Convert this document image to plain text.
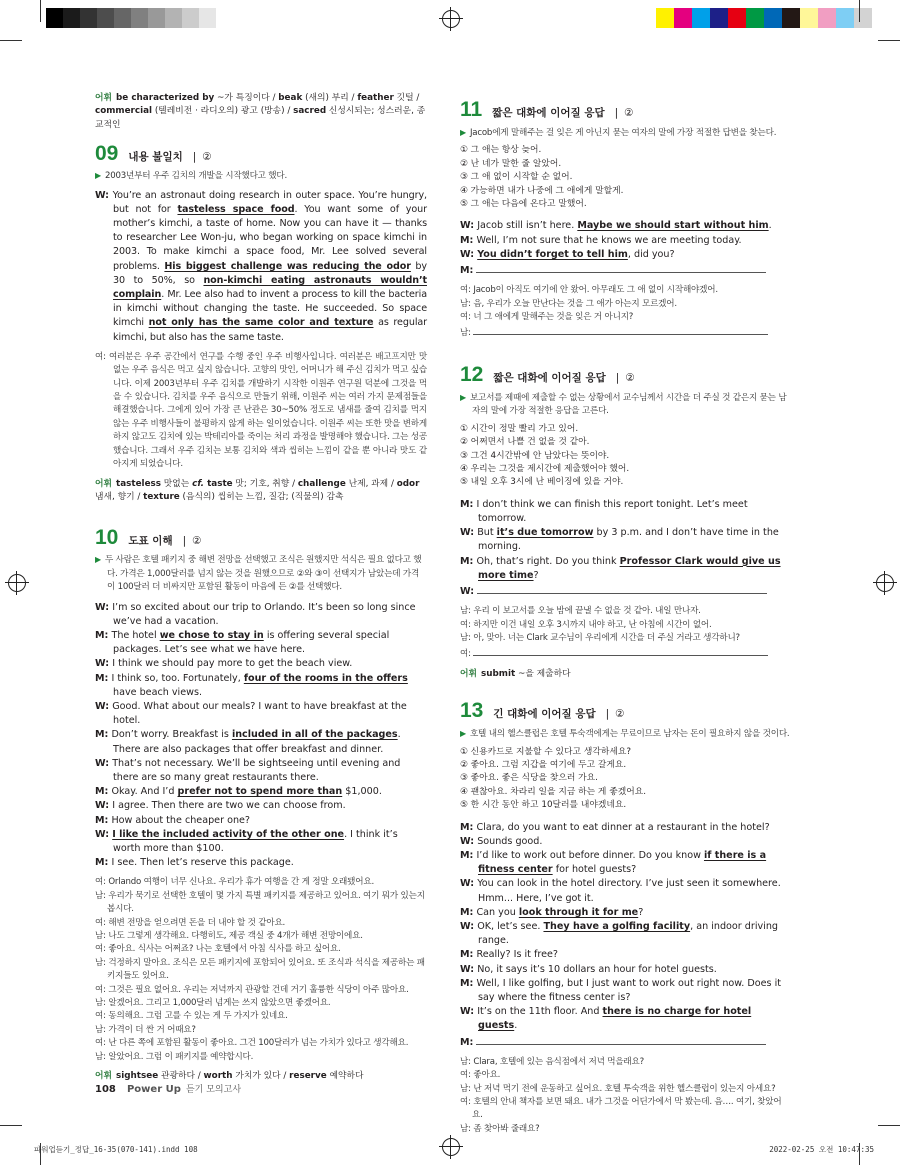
어휘 be characterized by ~가 특징이다 / beak (새의) 부리 / feather 깃털 / commercial (텔레비전 · 라디오의) 광고 (방송) / sacred 신성시되는; 성스러운, 종교적인
09 내용 불일치 | ②
▶ 2003년부터 우주 김치의 개발을 시작했다고 했다.
W: You’re an astronaut doing research in outer space. You’re hungry, but not for tasteless space food. You want some of your mother’s kimchi, a taste of home. Now you can have it — thanks to researcher Lee Won-ju, who began working on space kimchi in 2003. To make kimchi a space food, Mr. Lee solved several problems. His biggest challenge was reducing the odor by 30 to 50%, so non-kimchi eating astronauts wouldn’t complain. Mr. Lee also had to invent a process to kill the bacteria in kimchi without changing the taste. He succeeded. So space kimchi not only has the same color and texture as regular kimchi, but also has the same taste.
여: 여러분은 우주 공간에서 연구를 수행 중인 우주 비행사입니다. 여러분은 배고프지만 맛없는 우주 음식은 먹고 싶지 않습니다. 고향의 맛인, 어머니가 해 주신 김치가 먹고 싶습니다. 이제 2003년부터 우주 김치를 개발하기 시작한 이원주 연구원 덕분에 그것을 먹을 수 있습니다. 김치를 우주 음식으로 만들기 위해, 이원주 씨는 여러 가지 문제점들을 해결했습니다. 그에게 있어 가장 큰 난관은 30~50% 정도로 냄새를 줄여 김치를 먹지 않는 우주 비행사들이 불평하지 않게 하는 일이었습니다. 이원주 씨는 또한 맛을 변하게 하지 않고도 김치에 있는 박테리아를 죽이는 처리 과정을 발명해야 했습니다. 그는 성공했습니다. 그래서 우주 김치는 보통 김치와 색과 씹히는 느낌이 같을 뿐 아니라 맛도 같아지게 되었습니다.
어휘 tasteless 맛없는 cf. taste 맛; 기호, 취향 / challenge 난제, 과제 / odor 냄새, 향기 / texture (음식의) 씹히는 느낌, 질감; (직물의) 감촉
10 도표 이해 | ②
▶ 두 사람은 호텔 패키지 중 해변 전망을 선택했고 조식은 원했지만 석식은 필요 없다고 했다. 가격은 1,000달러를 넘지 않는 것을 원했으므로 ②와 ③이 선택지가 남았는데 가격이 100달러 더 비싸지만 포함된 활동이 마음에 든 ②를 선택했다.
W: I’m so excited about our trip to Orlando. It’s been so long since we’ve had a vacation.
M: The hotel we chose to stay in is offering several special packages. Let’s see what we have here.
W: I think we should pay more to get the beach view.
M: I think so, too. Fortunately, four of the rooms in the offers have beach views.
W: Good. What about our meals? I want to have breakfast at the hotel.
M: Don’t worry. Breakfast is included in all of the packages. There are also packages that offer breakfast and dinner.
W: That’s not necessary. We’ll be sightseeing until evening and there are so many great restaurants there.
M: Okay. And I’d prefer not to spend more than $1,000.
W: I agree. Then there are two we can choose from.
M: How about the cheaper one?
W: I like the included activity of the other one. I think it’s worth more than $100.
M: I see. Then let’s reserve this package.
여: Orlando 여행이 너무 신나요. 우리가 휴가 여행을 간 게 정말 오래됐어요.
남: 우리가 묵기로 선택한 호텔이 몇 가지 특별 패키지를 제공하고 있어요. 여기 뭐가 있는지 봅시다.
여: 해변 전망을 얻으려면 돈을 더 내야 할 것 같아요.
남: 나도 그렇게 생각해요. 다행히도, 제공 객실 중 4개가 해변 전망이에요.
여: 좋아요. 식사는 어쩌죠? 나는 호텔에서 아침 식사를 하고 싶어요.
남: 걱정하지 말아요. 조식은 모든 패키지에 포함되어 있어요. 또 조식과 석식을 제공하는 패키지들도 있어요.
여: 그것은 필요 없어요. 우리는 저녁까지 관광할 건데 거기 훌륭한 식당이 아주 많아요.
남: 알겠어요. 그리고 1,000달러 넘게는 쓰지 않았으면 좋겠어요.
여: 동의해요. 그럼 고를 수 있는 게 두 가지가 있네요.
남: 가격이 더 싼 거 어때요?
여: 난 다른 쪽에 포함된 활동이 좋아요. 그건 100달러가 넘는 가치가 있다고 생각해요.
남: 알았어요. 그럼 이 패키지를 예약합시다.
어휘 sightsee 관광하다 / worth 가치가 있다 / reserve 예약하다
108 Power Up 듣기 모의고사
11 짧은 대화에 이어질 응답 | ②
▶ Jacob에게 말해주는 걸 잊은 게 아닌지 묻는 여자의 말에 가장 적절한 답변을 찾는다.
① 그 애는 항상 늦어.
② 난 네가 말한 줄 알았어.
③ 그 애 없이 시작할 순 없어.
④ 가능하면 내가 나중에 그 애에게 말할게.
⑤ 그 애는 다음에 온다고 말했어.
W: Jacob still isn’t here. Maybe we should start without him.
M: Well, I’m not sure that he knows we are meeting today.
W: You didn’t forget to tell him, did you?
M:
여: Jacob이 아직도 여기에 안 왔어. 아무래도 그 애 없이 시작해야겠어.
남: 음, 우리가 오늘 만난다는 것을 그 애가 아는지 모르겠어.
여: 너 그 애에게 말해주는 것을 잊은 거 아니지?
남:
12 짧은 대화에 이어질 응답 | ②
▶ 보고서를 제때에 제출할 수 없는 상황에서 교수님께서 시간을 더 주실 것 같은지 묻는 남자의 말에 가장 적절한 응답을 고른다.
① 시간이 정말 빨리 가고 있어.
② 어쩌면서 나쁠 건 없을 것 같아.
③ 그건 4시간밖에 안 남았다는 뜻이야.
④ 우리는 그것을 제시간에 제출했어야 했어.
⑤ 내일 오후 3시에 난 베이징에 있을 거야.
M: I don’t think we can finish this report tonight. Let’s meet tomorrow.
W: But it’s due tomorrow by 3 p.m. and I don’t have time in the morning.
M: Oh, that’s right. Do you think Professor Clark would give us more time?
W:
남: 우리 이 보고서를 오늘 밤에 끝낼 수 없을 것 같아. 내일 만나자.
여: 하지만 이건 내일 오후 3시까지 내야 하고, 난 아침에 시간이 없어.
남: 아, 맞아. 너는 Clark 교수님이 우리에게 시간을 더 주실 거라고 생각하니?
여:
어휘 submit ~을 제출하다
13 긴 대화에 이어질 응답 | ②
▶ 호텔 내의 헬스클럽은 호텔 투숙객에게는 무료이므로 남자는 돈이 필요하지 않을 것이다.
① 신용카드로 지불할 수 있다고 생각하세요?
② 좋아요. 그럼 지갑을 여기에 두고 갈게요.
③ 좋아요. 좋은 식당을 찾으러 가요.
④ 괜찮아요. 차라리 일을 지금 하는 게 좋겠어요.
⑤ 한 시간 동안 하고 10달러를 내야겠네요.
M: Clara, do you want to eat dinner at a restaurant in the hotel?
W: Sounds good.
M: I’d like to work out before dinner. Do you know if there is a fitness center for hotel guests?
W: You can look in the hotel directory. I’ve just seen it somewhere. Hmm... Here, I’ve got it.
M: Can you look through it for me?
W: OK, let’s see. They have a golfing facility, an indoor driving range.
M: Really? Is it free?
W: No, it says it’s 10 dollars an hour for hotel guests.
M: Well, I like golfing, but I just want to work out right now. Does it say where the fitness center is?
W: It’s on the 11th floor. And there is no charge for hotel guests.
M:
남: Clara, 호텔에 있는 음식점에서 저녁 먹을래요?
여: 좋아요.
남: 난 저녁 먹기 전에 운동하고 싶어요. 호텔 투숙객을 위한 헬스클럽이 있는지 아세요?
여: 호텔의 안내 책자를 보면 돼요. 내가 그것을 어딘가에서 막 봤는데. 음…. 여기, 찾았어요.
남: 좀 찾아봐 줄래요?
파워업듣기_정답_16-35(070-141).indd 108	2022-02-25 오전 10:47:35
